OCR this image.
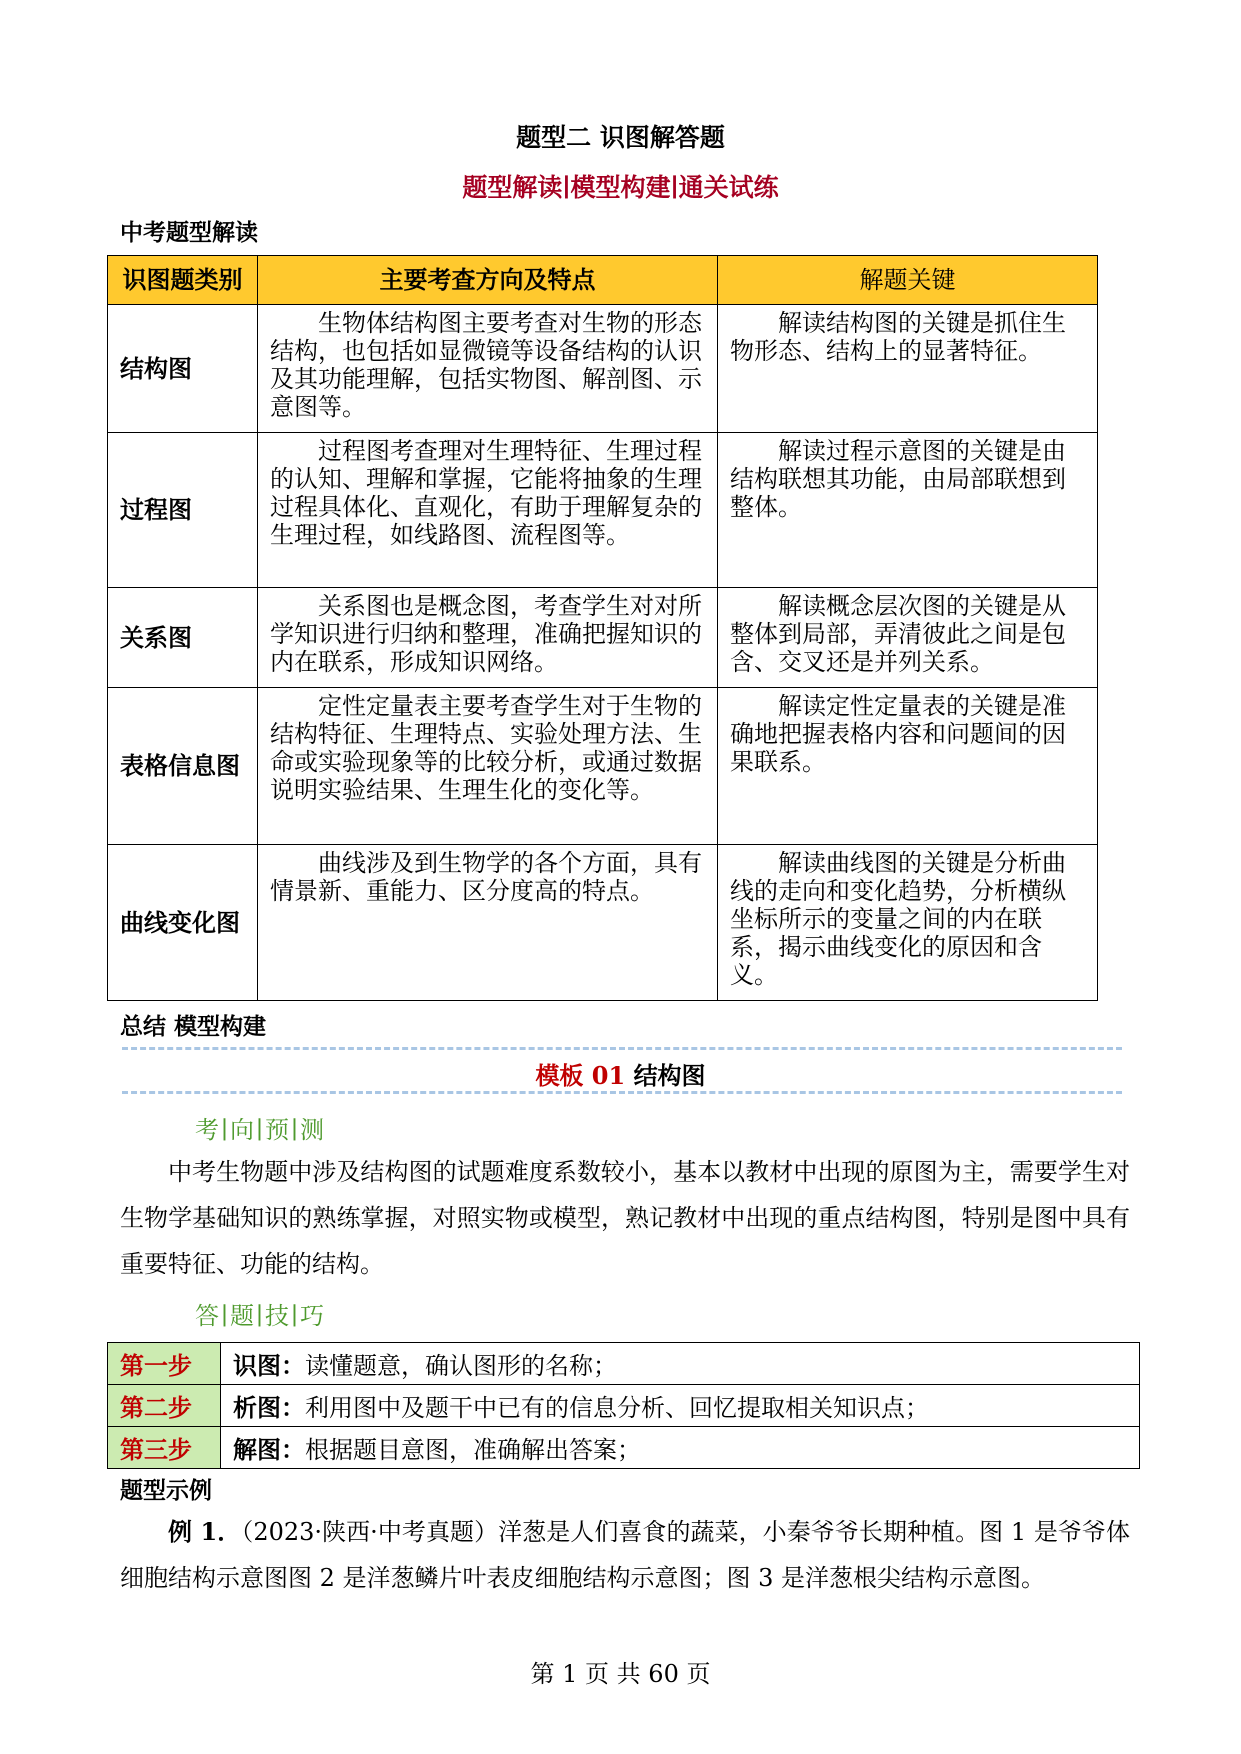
题型二 识图解答题
题型解读∣模型构建∣通关试练
中考题型解读
识图题类别	主要考查方向及特点	解题关键
结构图	生物体结构图主要考查对生物的形态结构，也包括如显微镜等设备结构的认识及其功能理解，包括实物图、解剖图、示意图等。	解读结构图的关键是抓住生物形态、结构上的显著特征。

过程图	过程图考查理对生理特征、生理过程的认知、理解和掌握，它能将抽象的生理过程具体化、直观化，有助于理解复杂的生理过程，如线路图、流程图等。	解读过程示意图的关键是由结构联想其功能，由局部联想到整体。

关系图	关系图也是概念图，考查学生对对所学知识进行归纳和整理，准确把握知识的内在联系，形成知识网络。	解读概念层次图的关键是从整体到局部，弄清彼此之间是包含、交叉还是并列关系。

表格信息图	定性定量表主要考查学生对于生物的结构特征、生理特点、实验处理方法、生命或实验现象等的比较分析，或通过数据说明实验结果、生理生化的变化等。	解读定性定量表的关键是准确地把握表格内容和问题间的因果联系。

曲线变化图	曲线涉及到生物学的各个方面，具有情景新、重能力、区分度高的特点。	解读曲线图的关键是分析曲线的走向和变化趋势，分析横纵坐标所示的变量之间的内在联系，揭示曲线变化的原因和含义。

总结 模型构建
模板 01 结构图
考∣向∣预∣测
中考生物题中涉及结构图的试题难度系数较小，基本以教材中出现的原图为主，需要学生对生物学基础知识的熟练掌握，对照实物或模型，熟记教材中出现的重点结构图，特别是图中具有重要特征、功能的结构。
答∣题∣技∣巧
第一步	识图：读懂题意，确认图形的名称；
第二步	析图：利用图中及题干中已有的信息分析、回忆提取相关知识点；
第三步	解图：根据题目意图，准确解出答案；
题型示例
例 1．（2023·陕西·中考真题）洋葱是人们喜食的蔬菜，小秦爷爷长期种植。图 1 是爷爷体细胞结构示意图图 2 是洋葱鳞片叶表皮细胞结构示意图；图 3 是洋葱根尖结构示意图。
第 1 页 共 60 页
